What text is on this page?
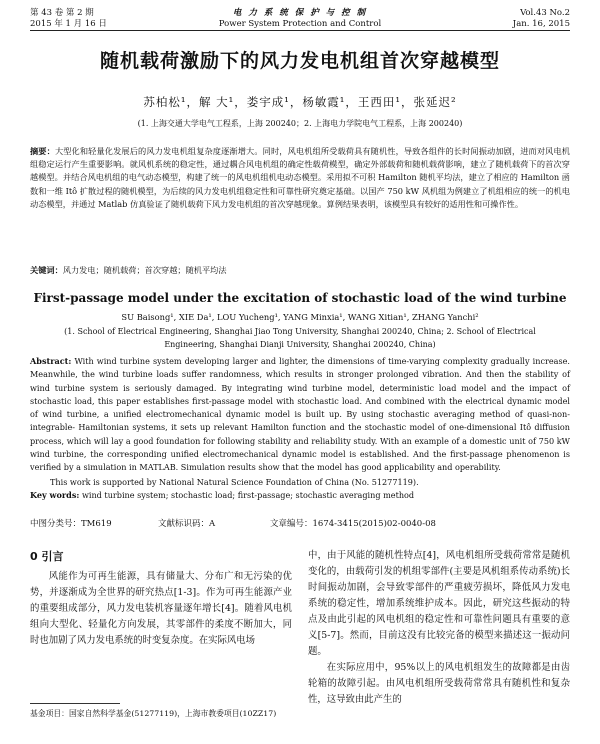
第 43 卷 第 2 期
2015 年 1 月 16 日
电 力 系 统 保 护 与 控 制
Power System Protection and Control
Vol.43 No.2
Jan. 16, 2015
随机载荷激励下的风力发电机组首次穿越模型
苏柏松¹，解 大¹，娄宇成¹，杨敏霞¹，王西田¹，张延迟²
(1. 上海交通大学电气工程系，上海 200240；2. 上海电力学院电气工程系，上海 200240)
摘要：大型化和轻量化发展后的风力发电机组复杂度逐渐增大。同时，风电机组所受载荷具有随机性，导致各组件的长时间振动加剧，进而对风电机组稳定运行产生重要影响。就风机系统的稳定性，通过耦合风电机组的确定性载荷模型，确定外部载荷和随机载荷影响，建立了随机载荷下的首次穿越模型。并结合风电机组的电气动态模型，构建了统一的风电机组机电动态模型。采用拟不可积 Hamilton 随机平均法，建立了相应的 Hamilton 函数和一维 Itô 扩散过程的随机模型，为后续的风力发电机组稳定性和可靠性研究奠定基础。以国产 750 kW 风机组为例建立了机组相应的统一的机电动态模型，并通过 Matlab 仿真验证了随机载荷下风力发电机组的首次穿越现象。算例结果表明，该模型具有较好的适用性和可操作性。
关键词：风力发电；随机载荷；首次穿越；随机平均法
First-passage model under the excitation of stochastic load of the wind turbine
SU Baisong¹, XIE Da¹, LOU Yucheng¹, YANG Minxia¹, WANG Xitian¹, ZHANG Yanchi²
(1. School of Electrical Engineering, Shanghai Jiao Tong University, Shanghai 200240, China; 2. School of Electrical Engineering, Shanghai Dianji University, Shanghai 200240, China)
Abstract: With wind turbine system developing larger and lighter, the dimensions of time-varying complexity gradually increase. Meanwhile, the wind turbine loads suffer randomness, which results in stronger prolonged vibration. And then the stability of wind turbine system is seriously damaged. By integrating wind turbine model, deterministic load model and the impact of stochastic load, this paper establishes first-passage model with stochastic load. And combined with the electrical dynamic model of wind turbine, a unified electromechanical dynamic model is built up. By using stochastic averaging method of quasi-non-integrable- Hamiltonian systems, it sets up relevant Hamilton function and the stochastic model of one-dimensional Itô diffusion process, which will lay a good foundation for following stability and reliability study. With an example of a domestic unit of 750 kW wind turbine, the corresponding unified electromechanical dynamic model is established. And the first-passage phenomenon is verified by a simulation in MATLAB. Simulation results show that the model has good applicability and operability.
This work is supported by National Natural Science Foundation of China (No. 51277119).
Key words: wind turbine system; stochastic load; first-passage; stochastic averaging method
中图分类号：TM619	文献标识码：A	文章编号：1674-3415(2015)02-0040-08
0 引言

风能作为可再生能源，具有储量大、分布广和无污染的优势，并逐渐成为全世界的研究热点[1-3]。作为可再生能源产业的重要组成部分，风力发电装机容量逐年增长[4]。随着风电机组向大型化、轻量化方向发展，其零部件的柔度不断加大，同时也加剧了风力发电系统的时变复杂度。在实际风电场

中，由于风能的随机性特点[4]，风电机组所受载荷常常是随机变化的，由载荷引发的机组零部件(主要是风机组系传动系统)长时间振动加剧，会导致零部件的严重疲劳损坏，降低风力发电系统的稳定性，增加系统维护成本。因此，研究这些振动的特点及由此引起的风电机组的稳定性和可靠性问题具有重要的意义[5-7]。然而，目前这没有比较完备的模型来描述这一振动问题。

在实际应用中，95%以上的风电机组发生的故障都是由齿轮箱的故障引起。由风电机组所受载荷常常具有随机性和复杂性，这导致由此产生的

基金项目：国家自然科学基金(51277119)，上海市教委项目(10ZZ17)
